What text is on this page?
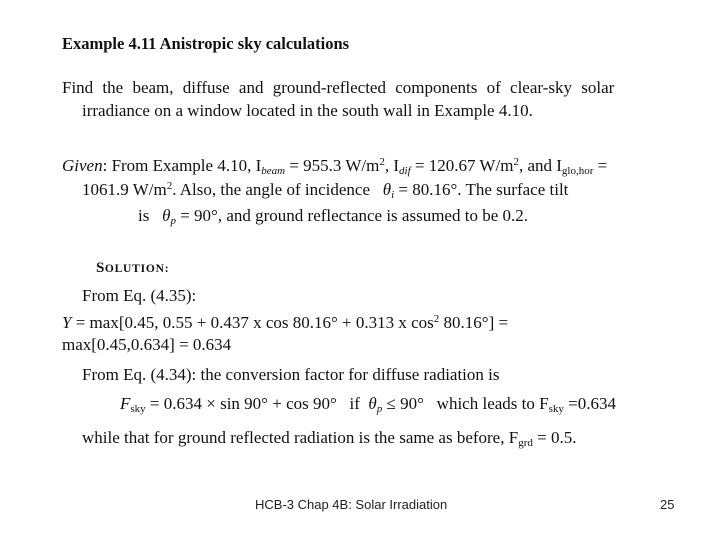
Example 4.11 Anistropic sky calculations
Find the beam, diffuse and ground-reflected components of clear-sky solar
irradiance on a window located in the south wall in Example 4.10.
Given: From Example 4.10, $I_{beam} = 955.3$ $W/m^2$, $I_{dif} = 120.67$ $W/m^2$, and $I_{glo,hor}$ =
1061.9 $W/m^2$. Also, the angle of incidence $\theta_i = 80.16^\circ$. The surface tilt
is $\theta_p = 90^\circ$, and ground reflectance is assumed to be 0.2.
SOLUTION:
From Eq. (4.35):
Y = max[0.45, 0.55 + 0.437 x cos 80.16° + 0.313 x $\cos^2 80.16^\circ$] =
max[0.45,0.634] = 0.634
From Eq. (4.34): the conversion factor for diffuse radiation is
$F_{sky} = 0.634 \times \sin 90^\circ + \cos 90^\circ$ if $\theta_p \le 90^\circ$ which leads to $F_{sky} =0.634$
while that for ground reflected radiation is the same as before, $F_{grd} = 0.5$.
HCB-3 Chap 4B: Solar Irradiation	25
